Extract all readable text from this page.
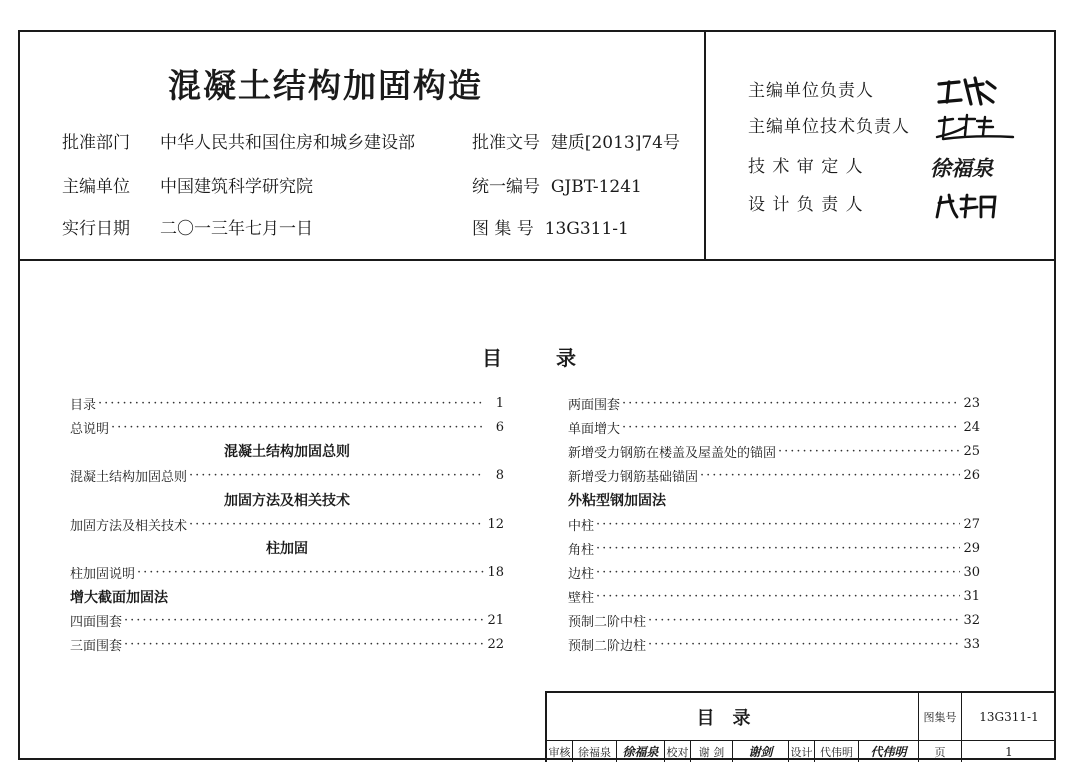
混凝土结构加固构造
批准部门 中华人民共和国住房和城乡建设部
主编单位 中国建筑科学研究院
实行日期 二〇一三年七月一日
批准文号 建质[2013]74号
统一编号 GJBT-1241
图 集 号 13G311-1
主编单位负责人
主编单位技术负责人
技 术 审 定 人	徐福泉
设 计 负 责 人
目录
目录 ·····	1
总说明 ·····	6
混凝土结构加固总则
混凝土结构加固总则 ·····	8
加固方法及相关技术
加固方法及相关技术 ·····	12
柱加固
柱加固说明 ·····	18
增大截面加固法
四面围套 ·····	21
三面围套 ·····	22
两面围套 ·····	23
单面增大 ·····	24
新增受力钢筋在楼盖及屋盖处的锚固 ·····	25
新增受力钢筋基础锚固 ·····	26
外粘型钢加固法
中柱 ·····	27
角柱 ·····	29
边柱 ·····	30
壁柱 ·····	31
预制二阶中柱 ·····	32
预制二阶边柱 ·····	33
目录	图集号	13G311-1
审核 徐福泉 徐福泉 校对 谢 剑	谢剑	设计 代伟明	代伟明	页	1
